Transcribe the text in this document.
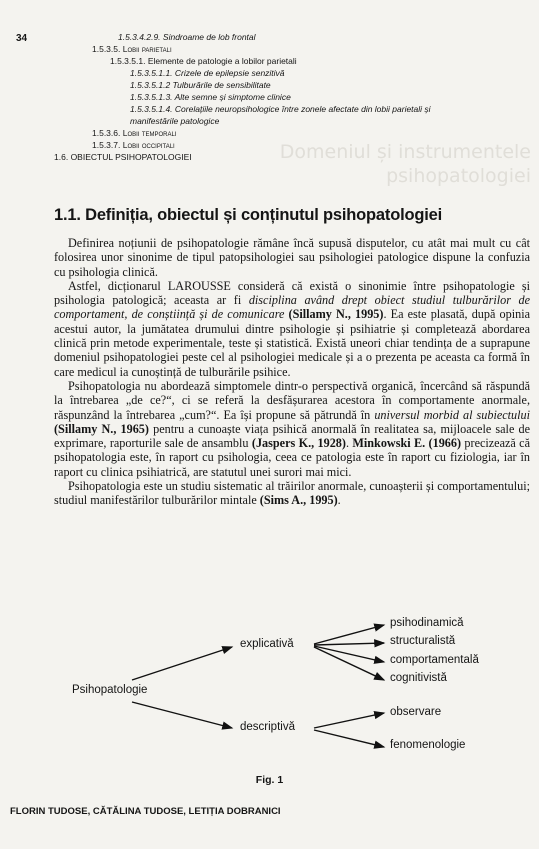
34
Domeniul și instrumentele
psihopatologiei
1.5.3.4.2.9. Sindroame de lob frontal
1.5.3.5. Lobii parietali
1.5.3.5.1. Elemente de patologie a lobilor parietali
1.5.3.5.1.1. Crizele de epilepsie senzitivă
1.5.3.5.1.2 Tulburările de sensibilitate
1.5.3.5.1.3. Alte semne și simptome clinice
1.5.3.5.1.4. Corelațiile neuropsihologice între zonele afectate din lobii parietali și
manifestările patologice
1.5.3.6. Lobii temporali
1.5.3.7. Lobii occipitali
1.6. OBIECTUL PSIHOPATOLOGIEI
1.1. Definiția, obiectul și conținutul psihopatologiei

Definirea noțiunii de psihopatologie rămâne încă supusă disputelor, cu atât mai mult cu cât folosirea unor sinonime de tipul patopsihologiei sau psihologiei patologice dispune la confuzia cu psihologia clinică.

Astfel, dicționarul LAROUSSE consideră că există o sinonimie între psihopatologie și psihologia patologică; aceasta ar fi disciplina având drept obiect studiul tulburărilor de comportament, de conștiință și de comunicare (Sillamy N., 1995). Ea este plasată, după opinia acestui autor, la jumătatea drumului dintre psihologie și psihiatrie și completează abordarea clinică prin metode experimentale, teste și statistică. Există uneori chiar tendința de a suprapune domeniul psihopatologiei peste cel al psihologiei medicale și a o prezenta pe aceasta ca formă în care medicul ia cunoștință de tulburările psihice.

Psihopatologia nu abordează simptomele dintr-o perspectivă organică, încercând să răspundă la întrebarea „de ce?“, ci se referă la desfășurarea acestora în comportamente anormale, răspunzând la întrebarea „cum?“. Ea își propune să pătrundă în universul morbid al subiectului (Sillamy N., 1965) pentru a cunoaște viața psihică anormală în realitatea sa, mijloacele sale de exprimare, raporturile sale de ansamblu (Jaspers K., 1928). Minkowski E. (1966) precizează că psihopatologia este, în raport cu psihologia, ceea ce patologia este în raport cu fiziologia, iar în raport cu clinica psihiatrică, are statutul unei surori mai mici.

Psihopatologia este un studiu sistematic al trăirilor anormale, cunoașterii și comportamentului; studiul manifestărilor tulburărilor mintale (Sims A., 1995).

Psihopatologie
explicativă
descriptivă
psihodinamică
structuralistă
comportamentală
cognitivistă
observare
fenomenologie
Fig. 1
FLORIN TUDOSE, CĂTĂLINA TUDOSE, LETIȚIA DOBRANICI
